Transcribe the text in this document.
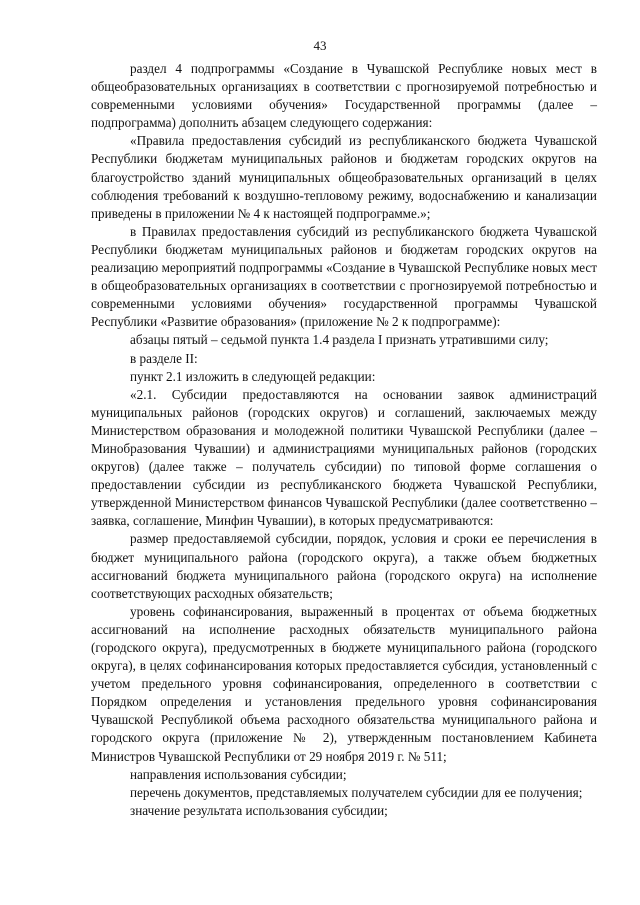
43

раздел 4 подпрограммы «Создание в Чувашской Республике новых мест в общеобразовательных организациях в соответствии с прогнозируемой потребностью и современными условиями обучения» Государственной программы (далее – подпрограмма) дополнить абзацем следующего содержания:

«Правила предоставления субсидий из республиканского бюджета Чувашской Республики бюджетам муниципальных районов и бюджетам городских округов на благоустройство зданий муниципальных общеобразовательных организаций в целях соблюдения требований к воздушно-тепловому режиму, водоснабжению и канализации приведены в приложении № 4 к настоящей подпрограмме.»;

в Правилах предоставления субсидий из республиканского бюджета Чувашской Республики бюджетам муниципальных районов и бюджетам городских округов на реализацию мероприятий подпрограммы «Создание в Чувашской Республике новых мест в общеобразовательных организациях в соответствии с прогнозируемой потребностью и современными условиями обучения» государственной программы Чувашской Республики «Развитие образования» (приложение № 2 к подпрограмме):

абзацы пятый – седьмой пункта 1.4 раздела I признать утратившими силу;

в разделе II:

пункт 2.1 изложить в следующей редакции:

«2.1. Субсидии предоставляются на основании заявок администраций муниципальных районов (городских округов) и соглашений, заключаемых между Министерством образования и молодежной политики Чувашской Республики (далее – Минобразования Чувашии) и администрациями муниципальных районов (городских округов) (далее также – получатель субсидии) по типовой форме соглашения о предоставлении субсидии из республиканского бюджета Чувашской Республики, утвержденной Министерством финансов Чувашской Республики (далее соответственно – заявка, соглашение, Минфин Чувашии), в которых предусматриваются:

размер предоставляемой субсидии, порядок, условия и сроки ее перечисления в бюджет муниципального района (городского округа), а также объем бюджетных ассигнований бюджета муниципального района (городского округа) на исполнение соответствующих расходных обязательств;

уровень софинансирования, выраженный в процентах от объема бюджетных ассигнований на исполнение расходных обязательств муниципального района (городского округа), предусмотренных в бюджете муниципального района (городского округа), в целях софинансирования которых предоставляется субсидия, установленный с учетом предельного уровня софинансирования, определенного в соответствии с Порядком определения и установления предельного уровня софинансирования Чувашской Республикой объема расходного обязательства муниципального района и городского округа (приложение № 2), утвержденным постановлением Кабинета Министров Чувашской Республики от 29 ноября 2019 г. № 511;

направления использования субсидии;

перечень документов, представляемых получателем субсидии для ее получения;

значение результата использования субсидии;
